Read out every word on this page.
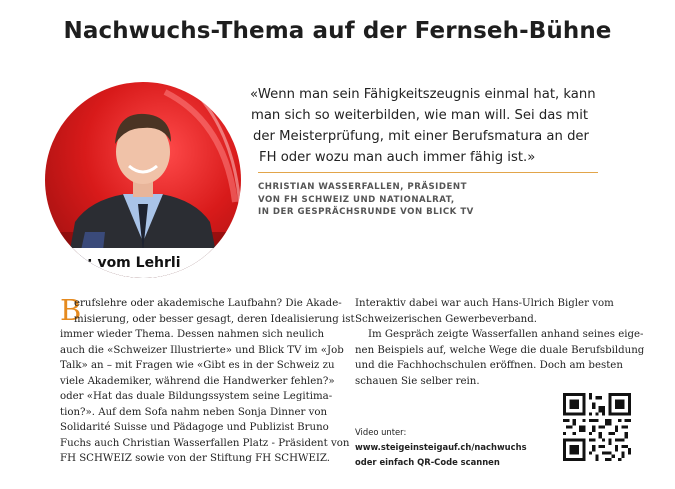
Nachwuchs-Thema auf der Fernseh-Bühne
n: vom Lehrli

«Wenn man sein Fähigkeitszeugnis einmal hat, kann
man sich so weiterbilden, wie man will. Sei das mit
der Meisterprüfung, mit einer Berufsmatura an der
FH oder wozu man auch immer fähig ist.»

CHRISTIAN WASSERFALLEN, PRÄSIDENT
VON FH SCHWEIZ UND NATIONALRAT,
IN DER GESPRÄCHSRUNDE VON BLICK TV
B
erufslehre oder akademische Laufbahn? Die Akade-
misierung, oder besser gesagt, deren Idealisierung ist
immer wieder Thema. Dessen nahmen sich neulich
auch die «Schweizer Illustrierte» und Blick TV im «Job
Talk» an – mit Fragen wie «Gibt es in der Schweiz zu
viele Akademiker, während die Handwerker fehlen?»
oder «Hat das duale Bildungssystem seine Legitima-
tion?». Auf dem Sofa nahm neben Sonja Dinner von
Solidarité Suisse und Pädagoge und Publizist Bruno
Fuchs auch Christian Wasserfallen Platz - Präsident von
FH SCHWEIZ sowie von der Stiftung FH SCHWEIZ.
Interaktiv dabei war auch Hans-Ulrich Bigler vom
Schweizerischen Gewerbeverband.
Im Gespräch zeigte Wasserfallen anhand seines eige-
nen Beispiels auf, welche Wege die duale Berufsbildung
und die Fachhochschulen eröffnen. Doch am besten
schauen Sie selber rein.
Video unter:
www.steigeinsteigauf.ch/nachwuchs
oder einfach QR-Code scannen
